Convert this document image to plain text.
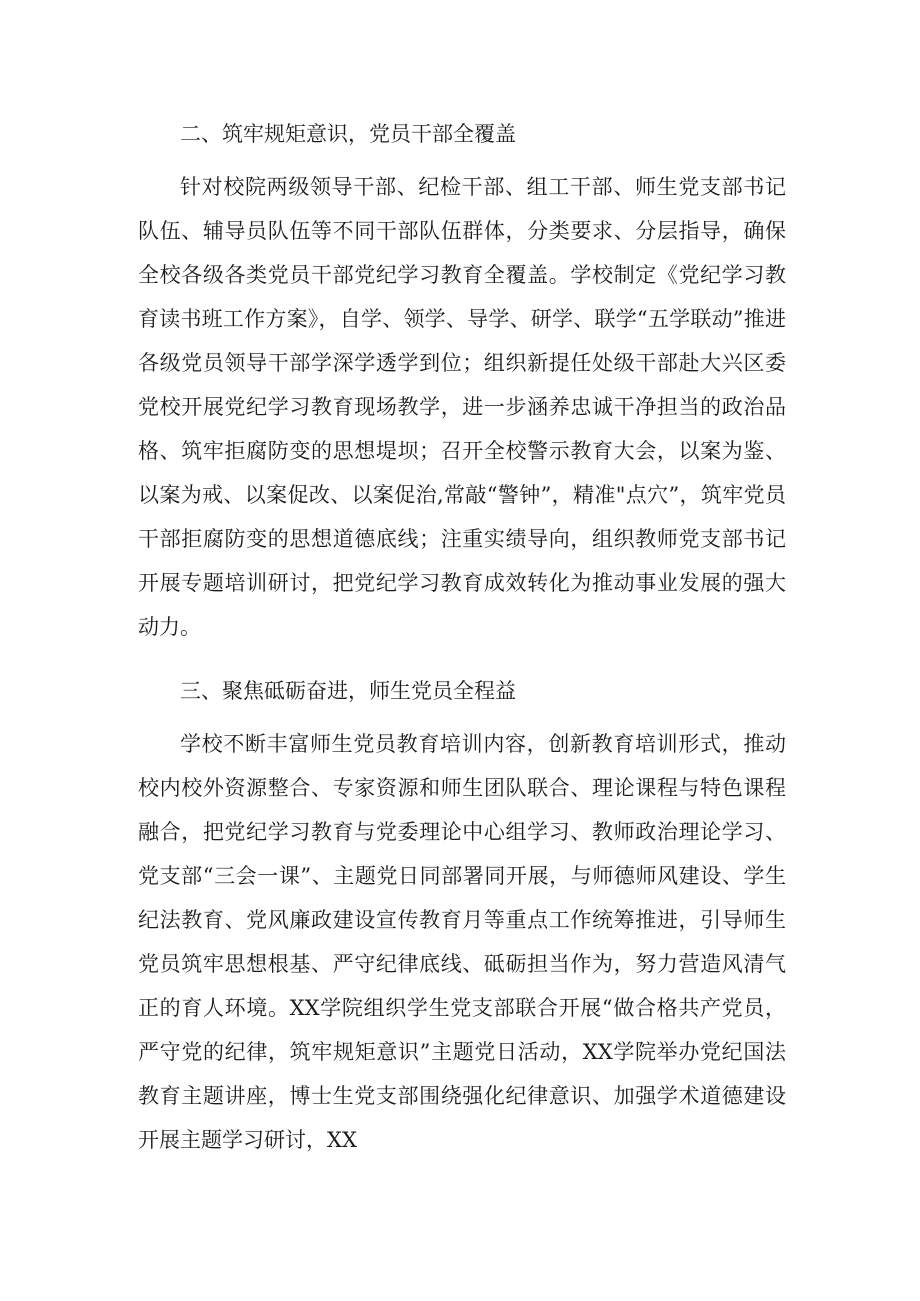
二、筑牢规矩意识，党员干部全覆盖
针对校院两级领导干部、纪检干部、组工干部、师生党支部书记队伍、辅导员队伍等不同干部队伍群体，分类要求、分层指导，确保全校各级各类党员干部党纪学习教育全覆盖。学校制定《党纪学习教育读书班工作方案》，自学、领学、导学、研学、联学“五学联动”推进各级党员领导干部学深学透学到位；组织新提任处级干部赴大兴区委党校开展党纪学习教育现场教学，进一步涵养忠诚干净担当的政治品格、筑牢拒腐防变的思想堤坝；召开全校警示教育大会，以案为鉴、以案为戒、以案促改、以案促治,常敲“警钟”，精准"点穴”，筑牢党员干部拒腐防变的思想道德底线；注重实绩导向，组织教师党支部书记开展专题培训研讨，把党纪学习教育成效转化为推动事业发展的强大动力。
三、聚焦砥砺奋进，师生党员全程益
学校不断丰富师生党员教育培训内容，创新教育培训形式，推动校内校外资源整合、专家资源和师生团队联合、理论课程与特色课程融合，把党纪学习教育与党委理论中心组学习、教师政治理论学习、党支部“三会一课”、主题党日同部署同开展，与师德师风建设、学生纪法教育、党风廉政建设宣传教育月等重点工作统筹推进，引导师生党员筑牢思想根基、严守纪律底线、砥砺担当作为，努力营造风清气正的育人环境。XX学院组织学生党支部联合开展“做合格共产党员，严守党的纪律，筑牢规矩意识”主题党日活动，XX学院举办党纪国法教育主题讲座，博士生党支部围绕强化纪律意识、加强学术道德建设开展主题学习研讨，XX
